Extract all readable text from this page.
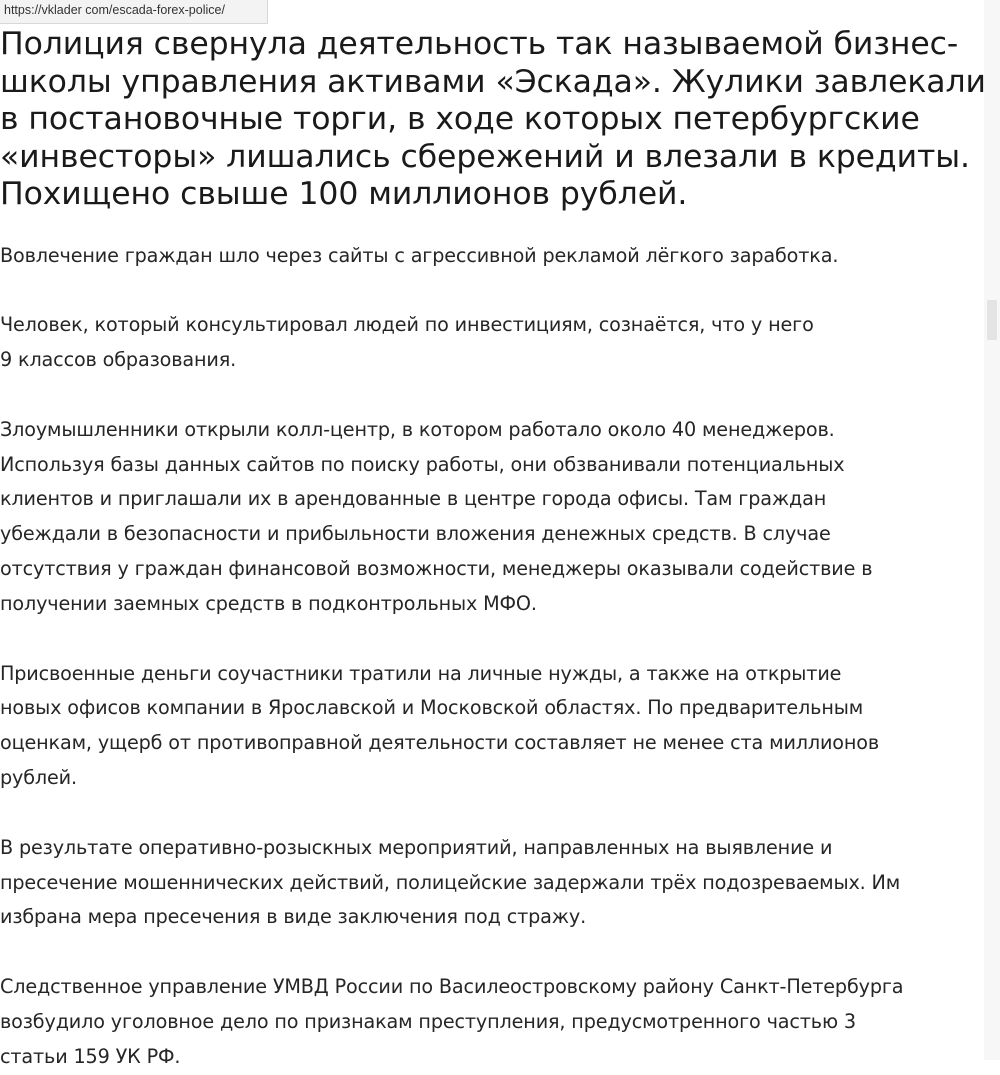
https://vklader com/escada-forex-police/
Полиция свернула деятельность так называемой бизнес-
школы управления активами «Эскада». Жулики завлекали
в постановочные торги, в ходе которых петербургские
«инвесторы» лишались сбережений и влезали в кредиты.
Похищено свыше 100 миллионов рублей.
Вовлечение граждан шло через сайты с агрессивной рекламой лёгкого заработка.
Человек, который консультировал людей по инвестициям, сознаётся, что у него
9 классов образования.
Злоумышленники открыли колл-центр, в котором работало около 40 менеджеров.
Используя базы данных сайтов по поиску работы, они обзванивали потенциальных
клиентов и приглашали их в арендованные в центре города офисы. Там граждан
убеждали в безопасности и прибыльности вложения денежных средств. В случае
отсутствия у граждан финансовой возможности, менеджеры оказывали содействие в
получении заемных средств в подконтрольных МФО.
Присвоенные деньги соучастники тратили на личные нужды, а также на открытие
новых офисов компании в Ярославской и Московской областях. По предварительным
оценкам, ущерб от противоправной деятельности составляет не менее ста миллионов
рублей.
В результате оперативно-розыскных мероприятий, направленных на выявление и
пресечение мошеннических действий, полицейские задержали трёх подозреваемых. Им
избрана мера пресечения в виде заключения под стражу.
Следственное управление УМВД России по Василеостровскому району Санкт-Петербурга
возбудило уголовное дело по признакам преступления, предусмотренного частью 3
статьи 159 УК РФ.
